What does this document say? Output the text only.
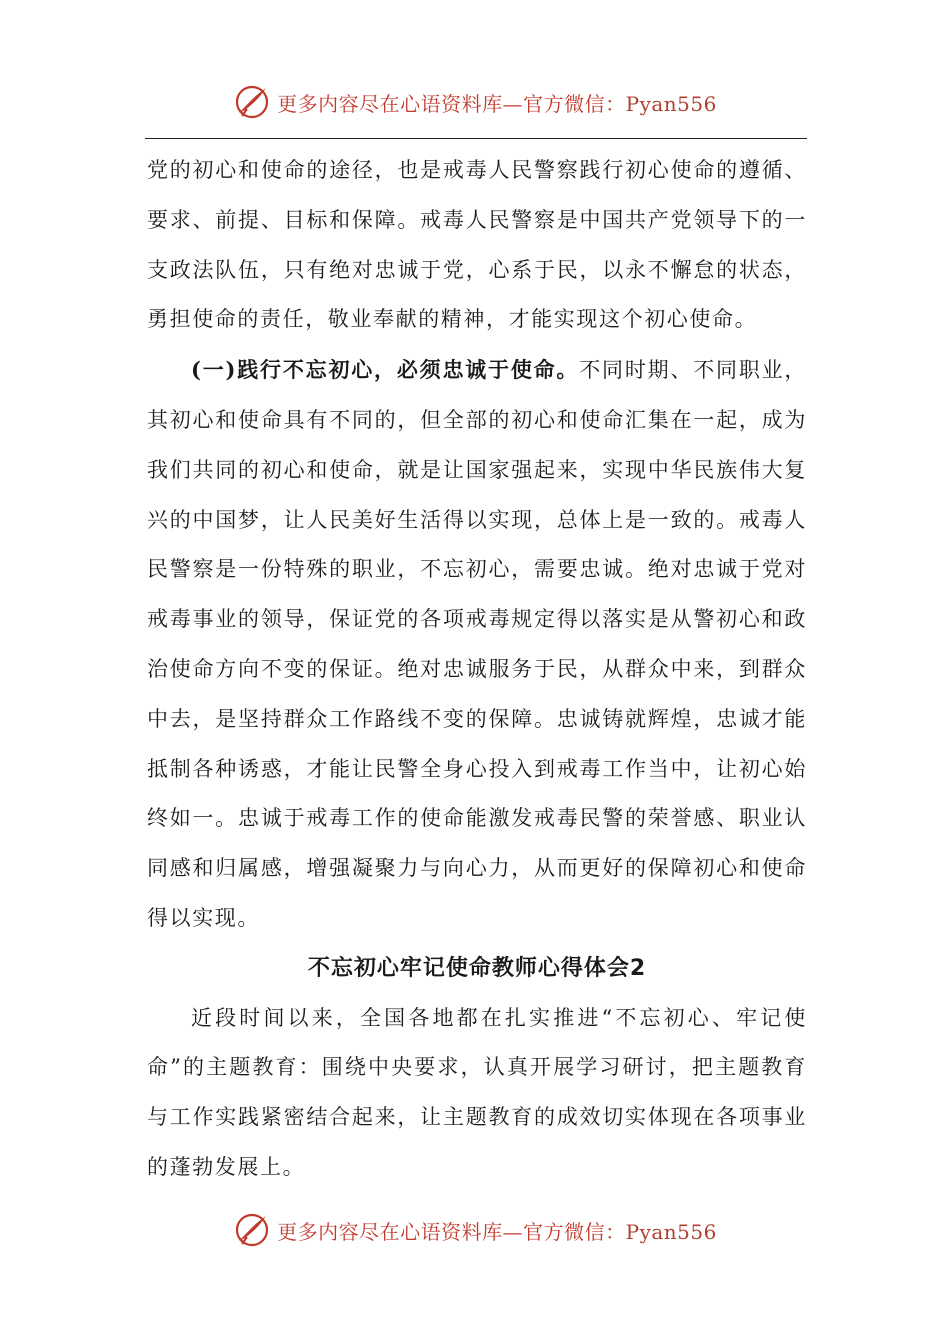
更多内容尽在心语资料库—官方微信：Pyan556

党的初心和使命的途径，也是戒毒人民警察践行初心使命的遵循、要求、前提、目标和保障。戒毒人民警察是中国共产党领导下的一支政法队伍，只有绝对忠诚于党，心系于民，以永不懈怠的状态，勇担使命的责任，敬业奉献的精神，才能实现这个初心使命。

(一)践行不忘初心，必须忠诚于使命。不同时期、不同职业，其初心和使命具有不同的，但全部的初心和使命汇集在一起，成为我们共同的初心和使命，就是让国家强起来，实现中华民族伟大复兴的中国梦，让人民美好生活得以实现，总体上是一致的。戒毒人民警察是一份特殊的职业，不忘初心，需要忠诚。绝对忠诚于党对戒毒事业的领导，保证党的各项戒毒规定得以落实是从警初心和政治使命方向不变的保证。绝对忠诚服务于民，从群众中来，到群众中去，是坚持群众工作路线不变的保障。忠诚铸就辉煌，忠诚才能抵制各种诱惑，才能让民警全身心投入到戒毒工作当中，让初心始终如一。忠诚于戒毒工作的使命能激发戒毒民警的荣誉感、职业认同感和归属感，增强凝聚力与向心力，从而更好的保障初心和使命得以实现。

不忘初心牢记使命教师心得体会2

近段时间以来，全国各地都在扎实推进“不忘初心、牢记使命”的主题教育：围绕中央要求，认真开展学习研讨，把主题教育与工作实践紧密结合起来，让主题教育的成效切实体现在各项事业的蓬勃发展上。

更多内容尽在心语资料库—官方微信：Pyan556
